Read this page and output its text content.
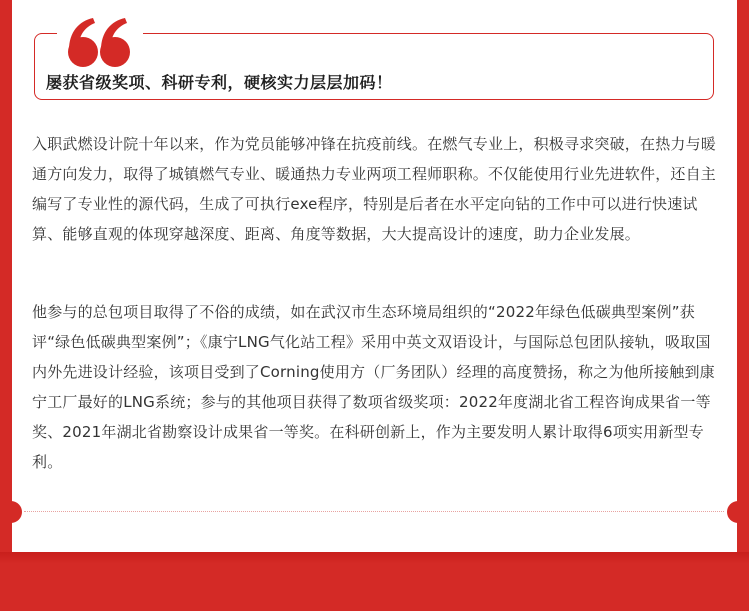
屡获省级奖项、科研专利，硬核实力层层加码！

入职武燃设计院十年以来，作为党员能够冲锋在抗疫前线。在燃气专业上，积极寻求突破，在热力与暖通方向发力，取得了城镇燃气专业、暖通热力专业两项工程师职称。不仅能使用行业先进软件，还自主编写了专业性的源代码，生成了可执行exe程序，特别是后者在水平定向钻的工作中可以进行快速试算、能够直观的体现穿越深度、距离、角度等数据，大大提高设计的速度，助力企业发展。

他参与的总包项目取得了不俗的成绩，如在武汉市生态环境局组织的“2022年绿色低碳典型案例”获评“绿色低碳典型案例”；《康宁LNG气化站工程》采用中英文双语设计，与国际总包团队接轨，吸取国内外先进设计经验，该项目受到了Corning使用方（厂务团队）经理的高度赞扬，称之为他所接触到康宁工厂最好的LNG系统；参与的其他项目获得了数项省级奖项：2022年度湖北省工程咨询成果省一等奖、2021年湖北省勘察设计成果省一等奖。在科研创新上，作为主要发明人累计取得6项实用新型专利。
